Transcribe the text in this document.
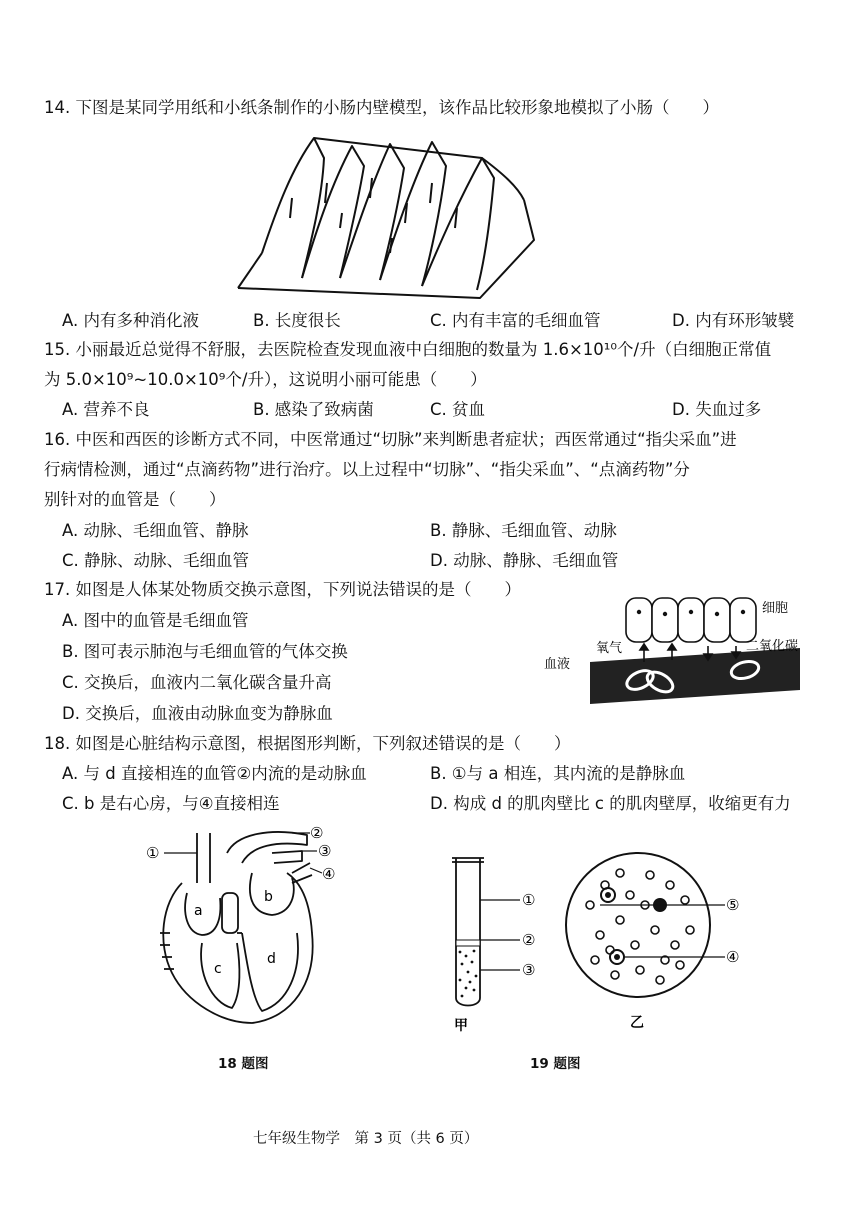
14. 下图是某同学用纸和小纸条制作的小肠内壁模型，该作品比较形象地模拟了小肠（　　）
A. 内有多种消化液	B. 长度很长	C. 内有丰富的毛细血管	D. 内有环形皱襞
15. 小丽最近总觉得不舒服，去医院检查发现血液中白细胞的数量为 1.6×10¹⁰个/升（白细胞正常值
为 5.0×10⁹~10.0×10⁹个/升），这说明小丽可能患（　　）
A. 营养不良	B. 感染了致病菌	C. 贫血	D. 失血过多
16. 中医和西医的诊断方式不同，中医常通过“切脉”来判断患者症状；西医常通过“指尖采血”进
行病情检测，通过“点滴药物”进行治疗。以上过程中“切脉”、“指尖采血”、“点滴药物”分
别针对的血管是（　　）
A. 动脉、毛细血管、静脉	B. 静脉、毛细血管、动脉
C. 静脉、动脉、毛细血管	D. 动脉、静脉、毛细血管
17. 如图是人体某处物质交换示意图，下列说法错误的是（　　）
A. 图中的血管是毛细血管
B. 图可表示肺泡与毛细血管的气体交换
C. 交换后，血液内二氧化碳含量升高
D. 交换后，血液由动脉血变为静脉血
细胞
氧气	二氧化碳
血液
18. 如图是心脏结构示意图，根据图形判断，下列叙述错误的是（　　）
A. 与 d 直接相连的血管②内流的是动脉血	B. ①与 a 相连，其内流的是静脉血
C. b 是右心房，与④直接相连	D. 构成 d 的肌肉壁比 c 的肌肉壁厚，收缩更有力
a
b
c
d
①
②
③
④
18 题图
①
②
③
甲
⑤
④
乙
19 题图
七年级生物学　第 3 页（共 6 页）
